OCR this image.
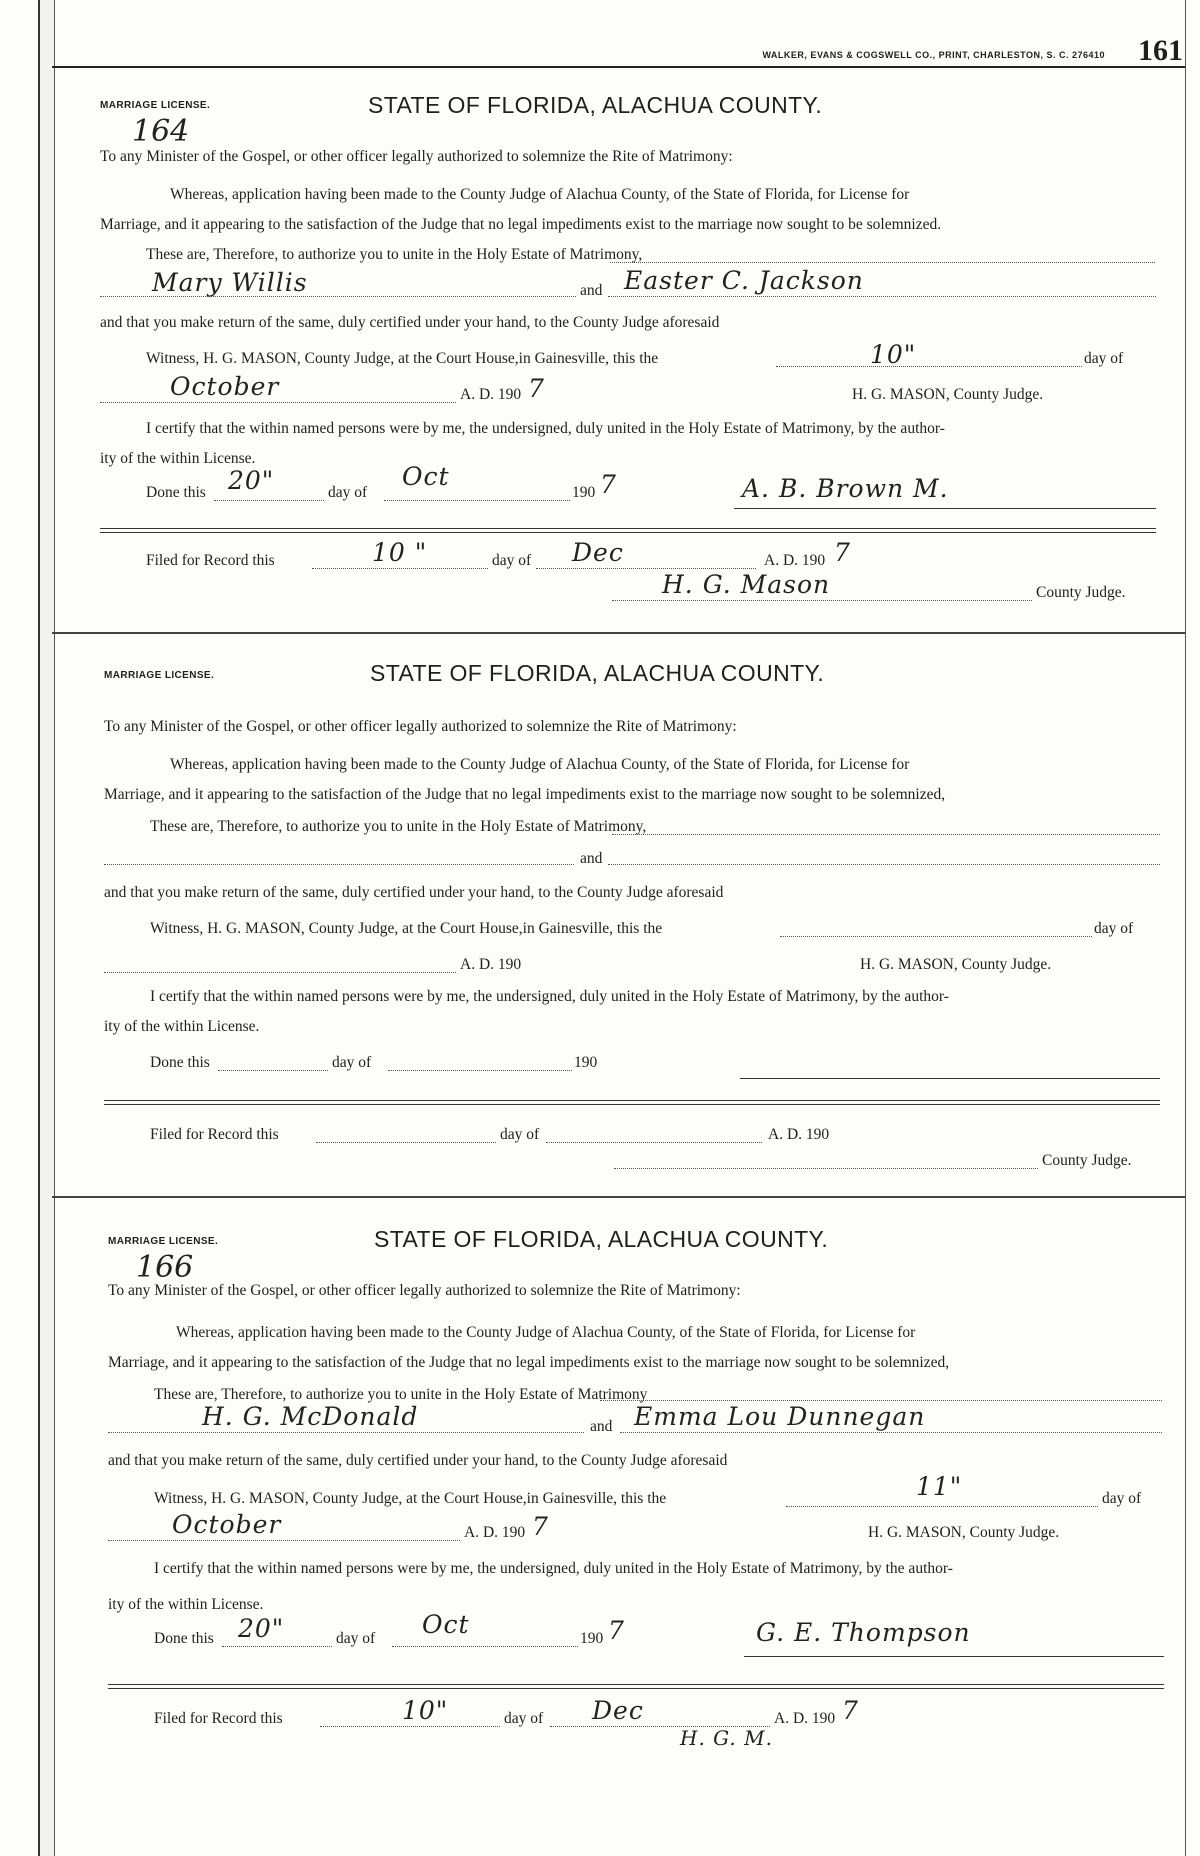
WALKER, EVANS & COGSWELL CO., PRINT, CHARLESTON, S. C. 276410 161
MARRIAGE LICENSE.
164
STATE OF FLORIDA, ALACHUA COUNTY.
To any Minister of the Gospel, or other officer legally authorized to solemnize the Rite of Matrimony:
Whereas, application having been made to the County Judge of Alachua County, of the State of Florida, for License for
Marriage, and it appearing to the satisfaction of the Judge that no legal impediments exist to the marriage now sought to be solemnized.
These are, Therefore, to authorize you to unite in the Holy Estate of Matrimony,
Mary Willis	and Easter C. Jackson
and that you make return of the same, duly certified under your hand, to the County Judge aforesaid
Witness, H. G. MASON, County Judge, at the Court House,in Gainesville, this the	10"	day of
October	A. D. 190 7	H. G. MASON, County Judge.
I certify that the within named persons were by me, the undersigned, duly united in the Holy Estate of Matrimony, by the author-
ity of the within License.
Done this 20"	day of
Oct
190 7	A. B. Brown M.
Filed for Record this	10 "	day of Dec	A. D. 190 7
H. G. Mason	County Judge.
MARRIAGE LICENSE.	STATE OF FLORIDA, ALACHUA COUNTY.
To any Minister of the Gospel, or other officer legally authorized to solemnize the Rite of Matrimony:
Whereas, application having been made to the County Judge of Alachua County, of the State of Florida, for License for
Marriage, and it appearing to the satisfaction of the Judge that no legal impediments exist to the marriage now sought to be solemnized,
These are, Therefore, to authorize you to unite in the Holy Estate of Matrimony,
and
and that you make return of the same, duly certified under your hand, to the County Judge aforesaid
Witness, H. G. MASON, County Judge, at the Court House,in Gainesville, this the	day of
A. D. 190	H. G. MASON, County Judge.
I certify that the within named persons were by me, the undersigned, duly united in the Holy Estate of Matrimony, by the author-
ity of the within License.
Done this	day of	190
Filed for Record this	day of	A. D. 190
County Judge.
MARRIAGE LICENSE.
166
STATE OF FLORIDA, ALACHUA COUNTY.
To any Minister of the Gospel, or other officer legally authorized to solemnize the Rite of Matrimony:
Whereas, application having been made to the County Judge of Alachua County, of the State of Florida, for License for
Marriage, and it appearing to the satisfaction of the Judge that no legal impediments exist to the marriage now sought to be solemnized,
These are, Therefore, to authorize you to unite in the Holy Estate of Matrimony
H. G. McDonald	and Emma Lou Dunnegan
and that you make return of the same, duly certified under your hand, to the County Judge aforesaid
Witness, H. G. MASON, County Judge, at the Court House,in Gainesville, this the	11"	day of
October	A. D. 190 7	H. G. MASON, County Judge.
I certify that the within named persons were by me, the undersigned, duly united in the Holy Estate of Matrimony, by the author-
ity of the within License.
Done this 20"	day of Oct	190 7	G. E. Thompson
Filed for Record this	10"	day of Dec	A. D. 190 7
H. G. M.
